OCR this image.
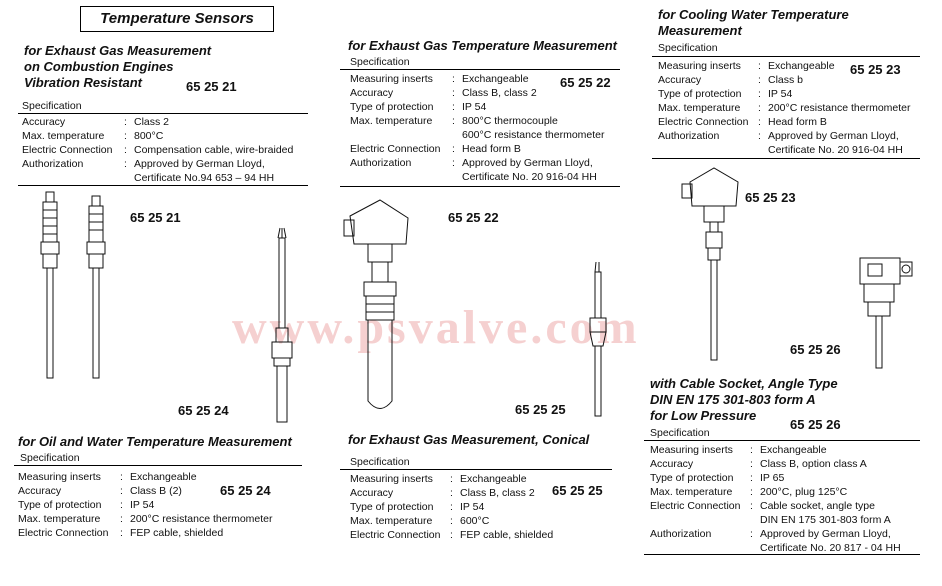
Temperature Sensors
www.psvalve.com
for Exhaust Gas Measurement
on Combustion Engines
Vibration Resistant	65 25 21
Specification
Accuracy	: Class 2
Max. temperature	: 800°C
Electric Connection	: Compensation cable, wire-braided
Authorization	: Approved by German Lloyd,
Certificate No.94 653 – 94 HH
for Exhaust Gas Temperature Measurement
Specification
65 25 22
Measuring inserts	: Exchangeable
Accuracy	: Class B, class 2
Type of protection	: IP 54
Max. temperature	: 800°C thermocouple
600°C resistance thermometer
Electric Connection	: Head form B
Authorization	: Approved by German Lloyd,
Certificate No. 20 916-04 HH
for Cooling Water Temperature
Measurement
Specification
65 25 23
Measuring inserts	: Exchangeable
Accuracy	: Class b
Type of protection	: IP 54
Max. temperature	: 200°C resistance thermometer
Electric Connection : Head form B
Authorization	: Approved by German Lloyd,
Certificate No. 20 916-04 HH
for Oil and Water Temperature Measurement
Specification
65 25 24
Measuring inserts	: Exchangeable
Accuracy	: Class B (2)
Type of protection	: IP 54
Max. temperature	: 200°C resistance thermometer
Electric Connection	: FEP cable, shielded
for Exhaust Gas Measurement, Conical
Specification
65 25 25
Measuring inserts	: Exchangeable
Accuracy	: Class B, class 2
Type of protection	: IP 54
Max. temperature	: 600°C
Electric Connection : FEP cable, shielded
with Cable Socket, Angle Type
DIN EN 175 301-803 form A
for Low Pressure
65 25 26
Specification
Measuring inserts	: Exchangeable
Accuracy	: Class B, option class A
Type of protection	: IP 65
Max. temperature	: 200°C, plug 125°C
Electric Connection : Cable socket, angle type
DIN EN 175 301-803 form A
Authorization	: Approved by German Lloyd,
Certificate No. 20 817 - 04 HH
65 25 21	65 25 22
65 25 23
65 25 24	65 25 25
65 25 26
